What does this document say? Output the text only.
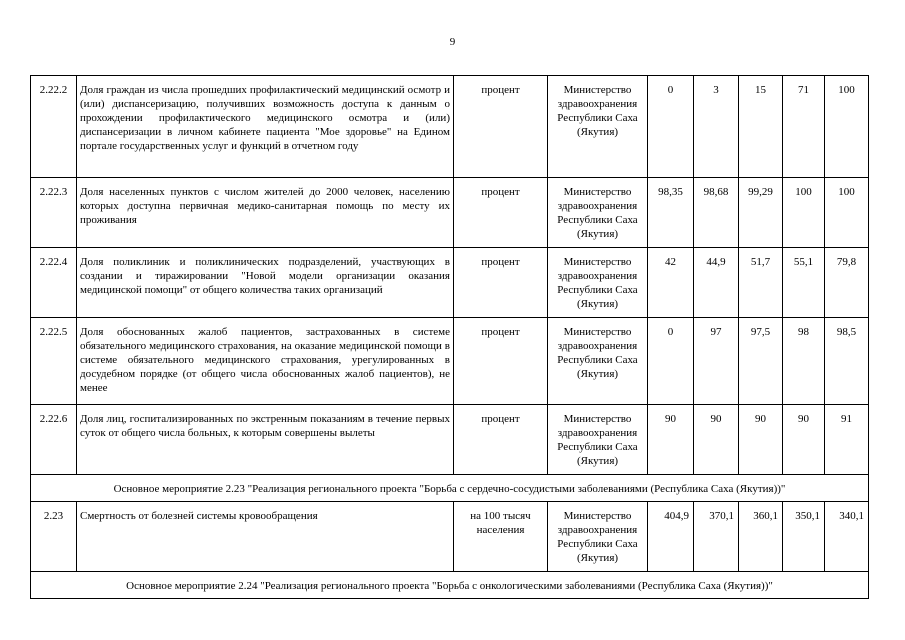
9
2.22.2	Доля граждан из числа прошедших профилактический медицинский осмотр и (или) диспансеризацию, получивших возможность доступа к данным о прохождении профилактического медицинского осмотра и (или) диспансеризации в личном кабинете пациента "Мое здоровье" на Едином портале государственных услуг и функций в отчетном году	процент	Министерство здравоохранения Республики Саха (Якутия)	0	3	15	71	100
2.22.3	Доля населенных пунктов с числом жителей до 2000 человек, населению которых доступна первичная медико-санитарная помощь по месту их проживания	процент	Министерство здравоохранения Республики Саха (Якутия)	98,35	98,68	99,29	100	100
2.22.4	Доля поликлиник и поликлинических подразделений, участвующих в создании и тиражировании "Новой модели организации оказания медицинской помощи" от общего количества таких организаций	процент	Министерство здравоохранения Республики Саха (Якутия)	42	44,9	51,7	55,1	79,8
2.22.5	Доля обоснованных жалоб пациентов, застрахованных в системе обязательного медицинского страхования, на оказание медицинской помощи в системе обязательного медицинского страхования, урегулированных в досудебном порядке (от общего числа обоснованных жалоб пациентов), не менее	процент	Министерство здравоохранения Республики Саха (Якутия)	0	97	97,5	98	98,5
2.22.6	Доля лиц, госпитализированных по экстренным показаниям в течение первых суток от общего числа больных, к которым совершены вылеты	процент	Министерство здравоохранения Республики Саха (Якутия)	90	90	90	90	91
Основное мероприятие 2.23 "Реализация регионального проекта "Борьба с сердечно-сосудистыми заболеваниями (Республика Саха (Якутия))"								
2.23	Смертность от болезней системы кровообращения	на 100 тысяч населения	Министерство здравоохранения Республики Саха (Якутия)	404,9	370,1	360,1	350,1	340,1
Основное мероприятие 2.24 "Реализация регионального проекта "Борьба с онкологическими заболеваниями (Республика Саха (Якутия))"								
